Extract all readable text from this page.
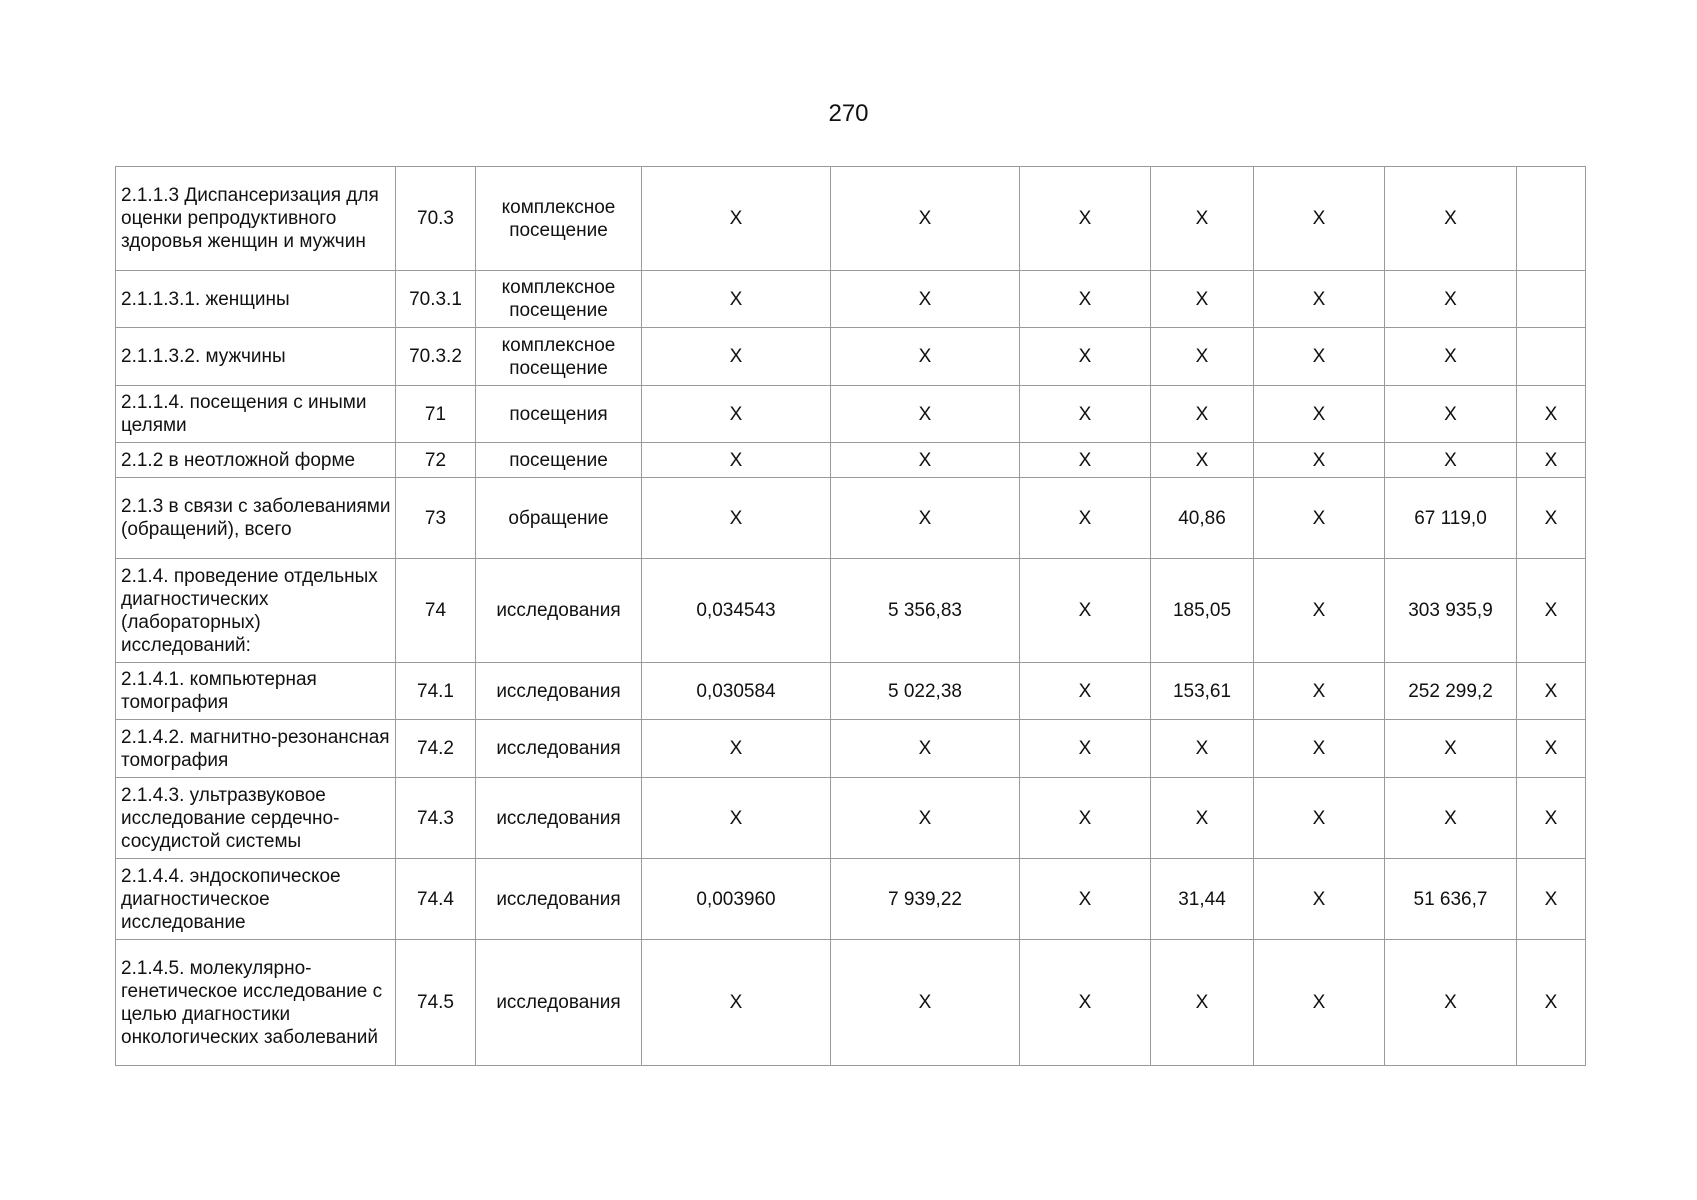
270
2.1.1.3 Диспансеризация для оценки репродуктивного здоровья женщин и мужчин	70.3	комплексное посещение	X	X	X	X	X	X	
2.1.1.3.1. женщины	70.3.1	комплексное посещение	X	X	X	X	X	X	
2.1.1.3.2. мужчины	70.3.2	комплексное посещение	X	X	X	X	X	X	
2.1.1.4. посещения с иными целями	71	посещения	X	X	X	X	X	X	X
2.1.2 в неотложной форме	72	посещение	X	X	X	X	X	X	X
2.1.3 в связи с заболеваниями (обращений), всего	73	обращение	X	X	X	40,86	X	67 119,0	X
2.1.4. проведение отдельных диагностических (лабораторных) исследований:	74	исследования	0,034543	5 356,83	X	185,05	X	303 935,9	X
2.1.4.1. компьютерная томография	74.1	исследования	0,030584	5 022,38	X	153,61	X	252 299,2	X
2.1.4.2. магнитно-резонансная томография	74.2	исследования	X	X	X	X	X	X	X
2.1.4.3. ультразвуковое исследование сердечно-сосудистой системы	74.3	исследования	X	X	X	X	X	X	X
2.1.4.4. эндоскопическое диагностическое исследование	74.4	исследования	0,003960	7 939,22	X	31,44	X	51 636,7	X
2.1.4.5. молекулярно-генетическое исследование с целью диагностики онкологических заболеваний	74.5	исследования	X	X	X	X	X	X	X
